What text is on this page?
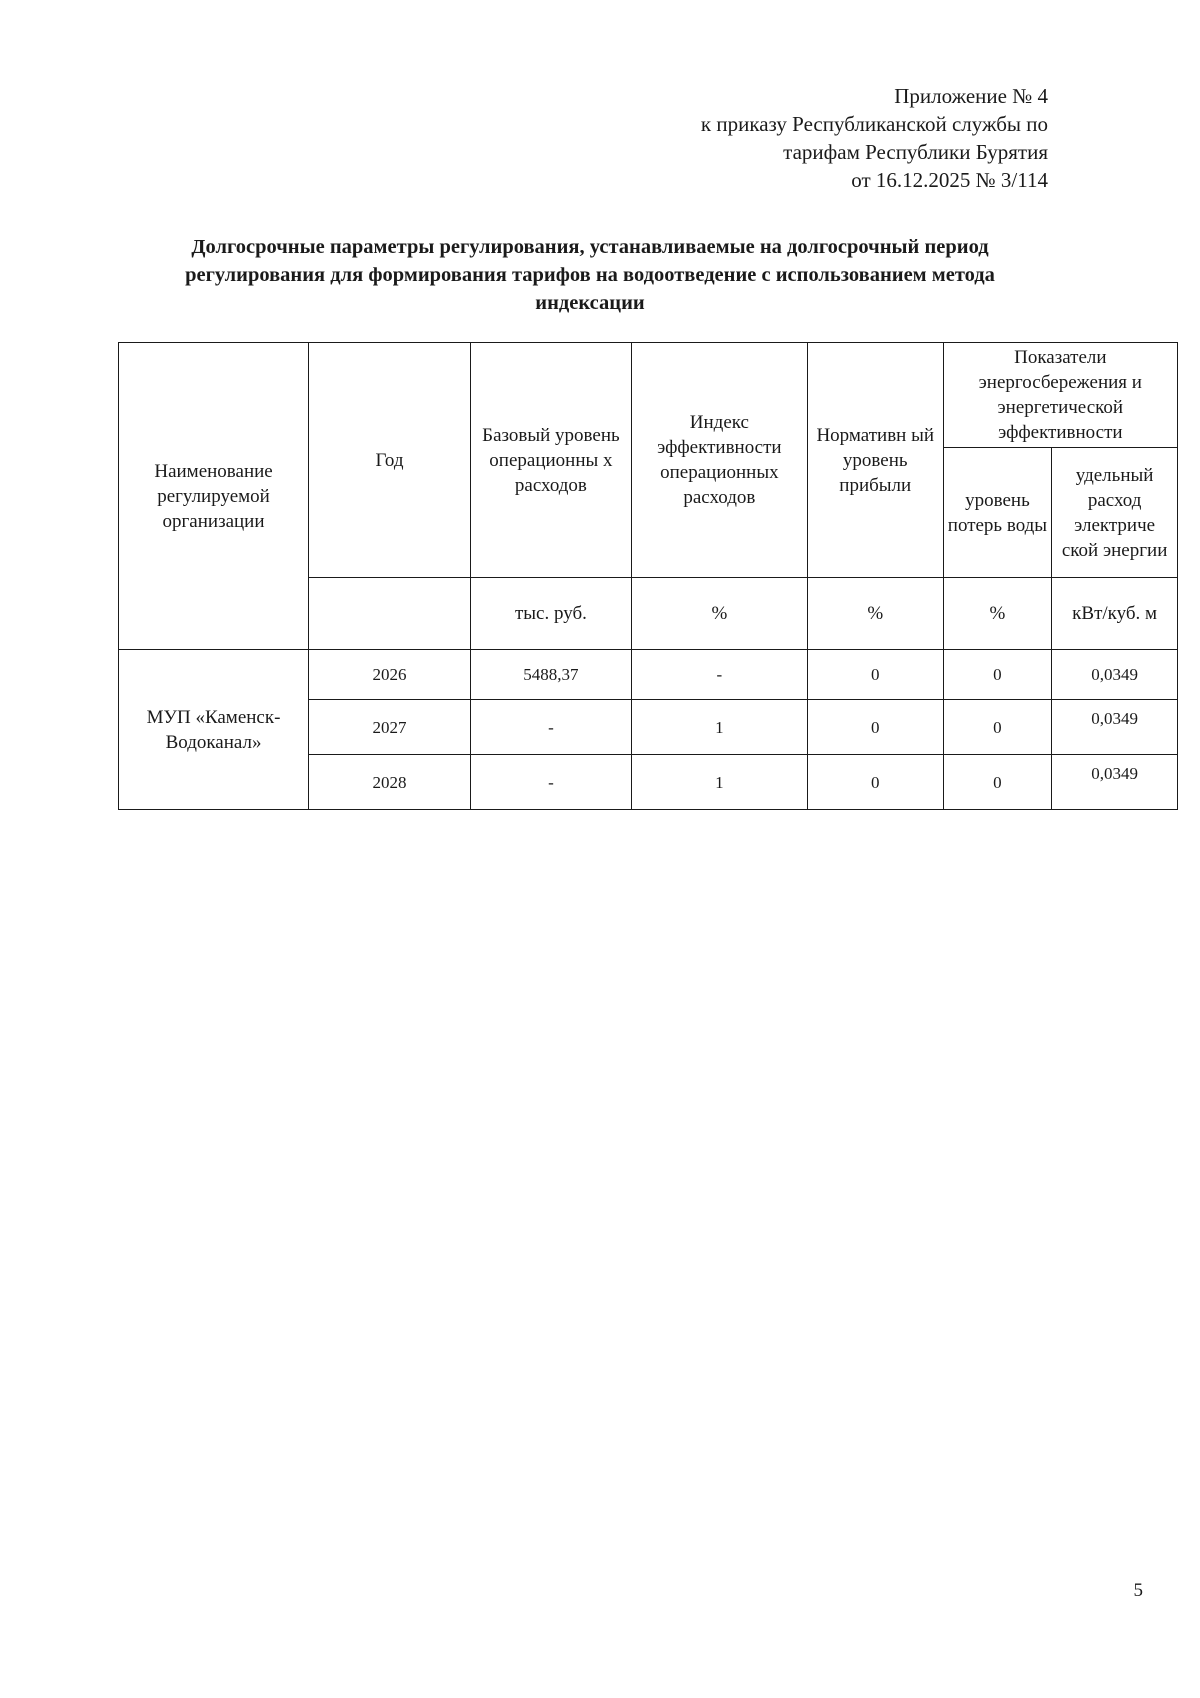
Приложение № 4
к приказу Республиканской службы по
тарифам Республики Бурятия
от 16.12.2025 № 3/114
Долгосрочные параметры регулирования, устанавливаемые на долгосрочный период
регулирования для формирования тарифов на водоотведение с использованием метода
индексации
Наименование регулируемой организации	Год	Базовый уровень операционны х расходов	Индекс эффективности операционных расходов	Нормативн ый уровень прибыли	Показатели энергосбережения и энергетической эффективности	
					уровень потерь воды	удельный расход электриче ской энергии
		тыс. руб.	%	%	%	кВт/куб. м
МУП «Каменск-Водоканал»	2026	5488,37	-	0	0	0,0349
	2027	-	1	0	0	0,0349
	2028	-	1	0	0	0,0349
5
